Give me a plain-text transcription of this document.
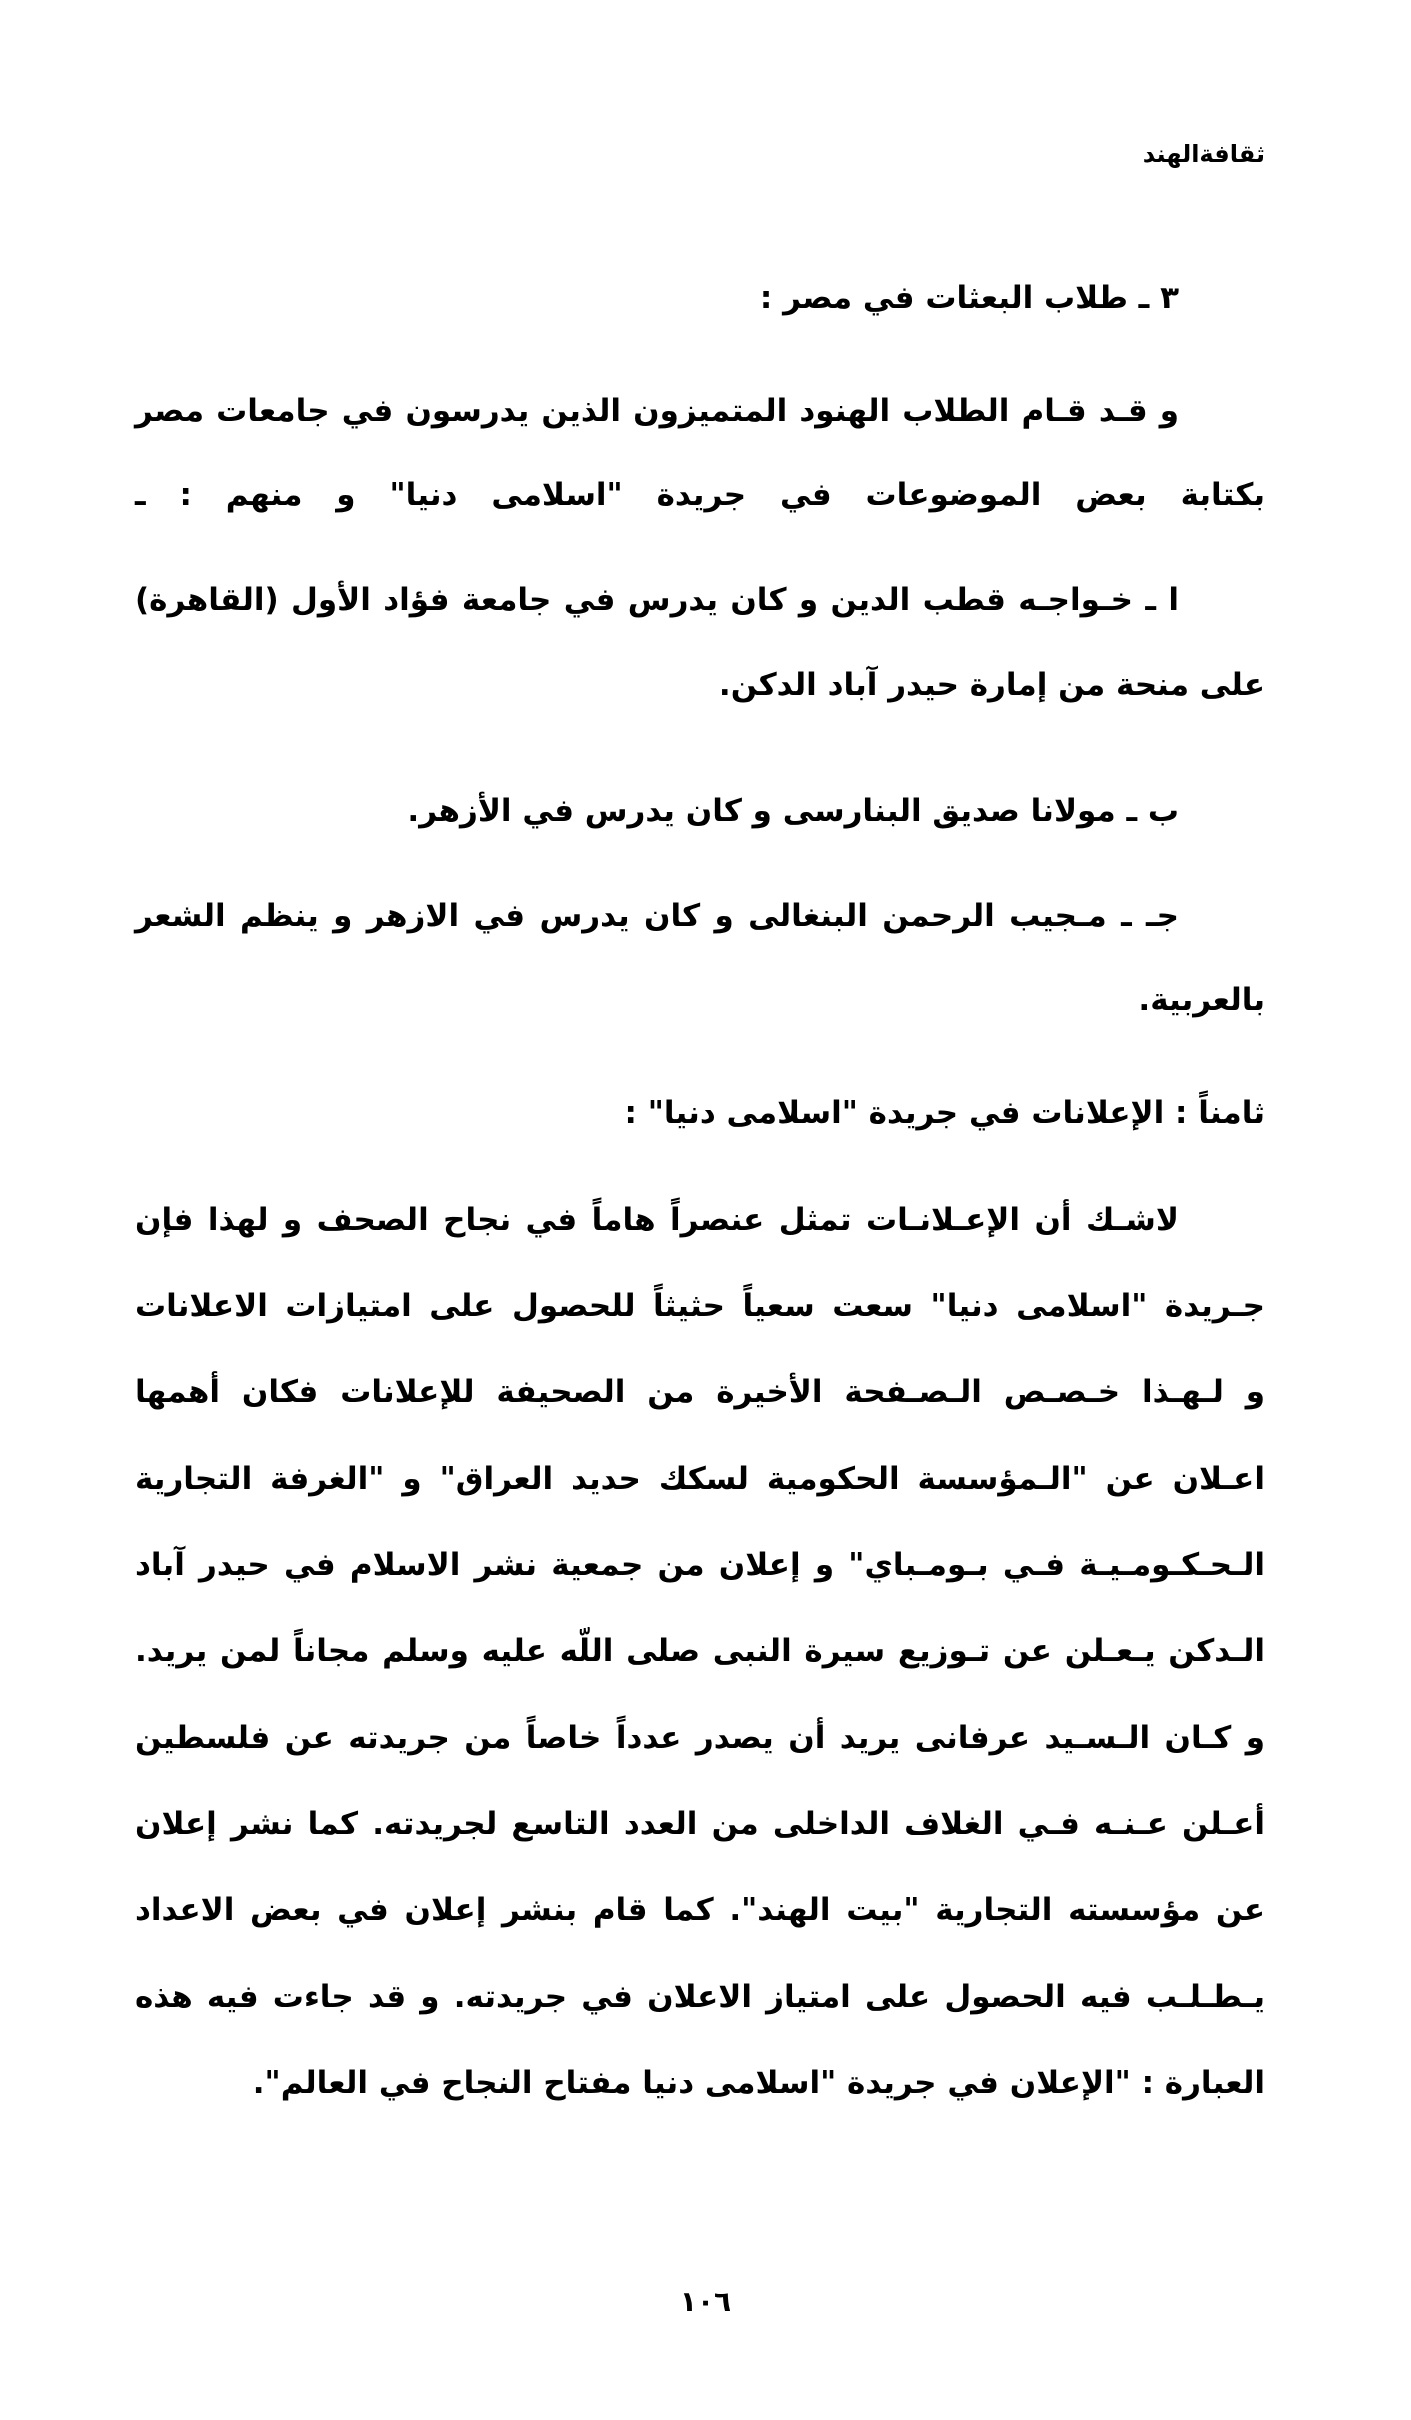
ثقافةالهند
٣ ـ طلاب البعثات في مصر :
و قـد قـام الطلاب الهنود المتميزون الذين يدرسون في جامعات مصر
بكتابة بعض الموضوعات في جريدة "اسلامى دنيا" و منهم : ـ
ا ـ خـواجـه قطب الدين و كان يدرس في جامعة فؤاد الأول (القاهرة)
على منحة من إمارة حيدر آباد الدكن.
ب ـ مولانا صديق البنارسى و كان يدرس في الأزهر.
جـ ـ مـجيب الرحمن البنغالى و كان يدرس في الازهر و ينظم الشعر
بالعربية.
ثامناً : الإعلانات في جريدة "اسلامى دنيا" :
لاشـك أن الإعـلانـات تمثل عنصراً هاماً في نجاح الصحف و لهذا فإن
جـريدة "اسلامى دنيا" سعت سعياً حثيثاً للحصول على امتيازات الاعلانات
و لـهـذا خـصـص الـصـفحة الأخيرة من الصحيفة للإعلانات فكان أهمها
اعـلان عن "الـمؤسسة الحكومية لسكك حديد العراق" و "الغرفة التجارية
الـحـكـومـيـة فـي بـومـباي" و إعلان من جمعية نشر الاسلام في حيدر آباد
الـدكن يـعـلن عن تـوزيع سيرة النبى صلى اللّه عليه وسلم مجاناً لمن يريد.
و كـان الـسـيد عرفانى يريد أن يصدر عدداً خاصاً من جريدته عن فلسطين
أعـلن عـنـه فـي الغلاف الداخلى من العدد التاسع لجريدته. كما نشر إعلان
عن مؤسسته التجارية "بيت الهند". كما قام بنشر إعلان في بعض الاعداد
يـطـلـب فيه الحصول على امتياز الاعلان في جريدته. و قد جاءت فيه هذه
العبارة : "الإعلان في جريدة "اسلامى دنيا مفتاح النجاح في العالم".
١٠٦
